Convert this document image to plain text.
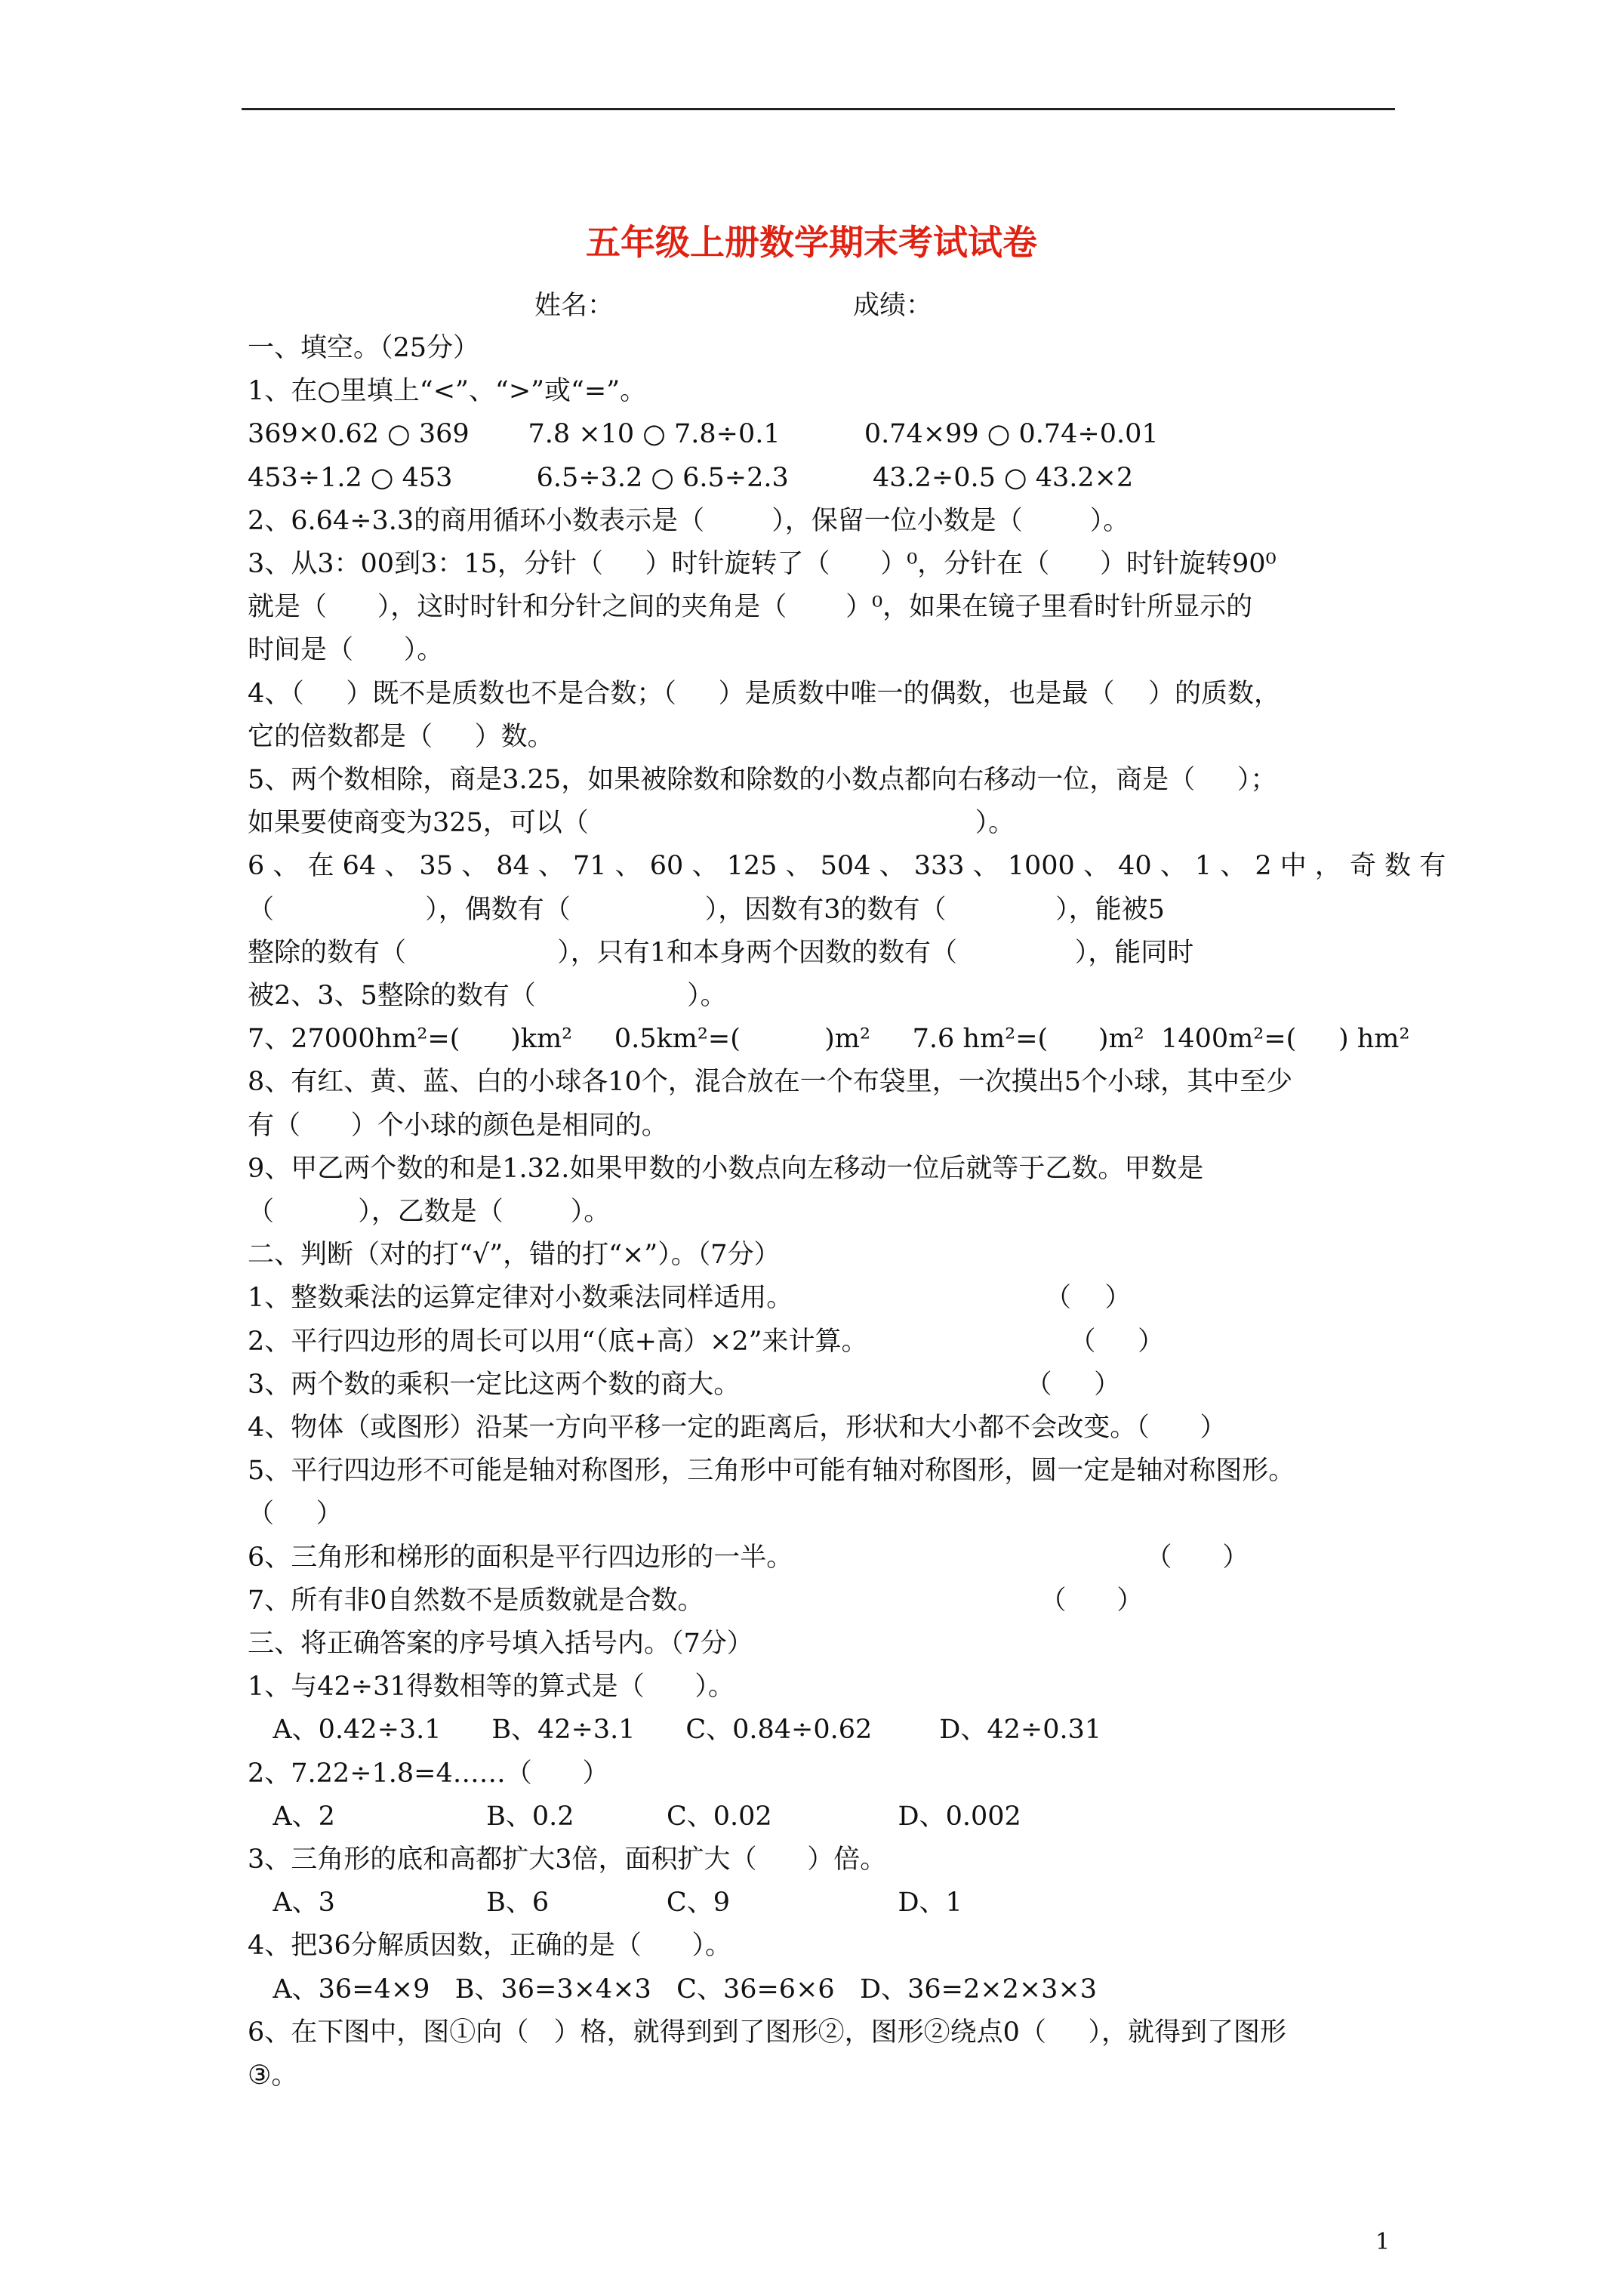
五年级上册数学期末考试试卷
姓名：	成绩：
一、填空。（25分）
1、在○里填上“<”、“>”或“=”。
369×0.62 ○ 369       7.8 ×10 ○ 7.8÷0.1          0.74×99 ○ 0.74÷0.01
453÷1.2 ○ 453          6.5÷3.2 ○ 6.5÷2.3          43.2÷0.5 ○ 43.2×2
2、6.64÷3.3的商用循环小数表示是（        ），保留一位小数是（        ）。
3、从3：00到3：15，分针（     ）时针旋转了（      ）⁰，分针在（      ）时针旋转90⁰
就是（      ），这时时针和分针之间的夹角是（       ）⁰，如果在镜子里看时针所显示的
时间是（      ）。
4、（     ）既不是质数也不是合数；（     ）是质数中唯一的偶数，也是最（    ）的质数，
它的倍数都是（     ）数。
5、两个数相除，商是3.25，如果被除数和除数的小数点都向右移动一位，商是（     ）；
如果要使商变为325，可以（                                              ）。
6 、 在 64 、 35 、 84 、 71 、 60 、 125 、 504 、 333 、 1000 、 40 、 1 、 2 中 ， 奇 数 有
（                  ），偶数有（                ），因数有3的数有（             ），能被5
整除的数有（                  ），只有1和本身两个因数的数有（              ），能同时
被2、3、5整除的数有（                  ）。
7、27000hm²=(      )km²     0.5km²=(          )m²     7.6 hm²=(      )m²  1400m²=(     ) hm²
8、有红、黄、蓝、白的小球各10个，混合放在一个布袋里，一次摸出5个小球，其中至少
有（      ）个小球的颜色是相同的。
9、甲乙两个数的和是1.32.如果甲数的小数点向左移动一位后就等于乙数。甲数是
（          ），乙数是（        ）。
二、判断（对的打“√”，错的打“×”）。（7分）
1、整数乘法的运算定律对小数乘法同样适用。                              （    ）
2、平行四边形的周长可以用“（底+高）×2”来计算。                        （     ）
3、两个数的乘积一定比这两个数的商大。                                  （     ）
4、物体（或图形）沿某一方向平移一定的距离后，形状和大小都不会改变。（      ）
5、平行四边形不可能是轴对称图形，三角形中可能有轴对称图形，圆一定是轴对称图形。
（     ）
6、三角形和梯形的面积是平行四边形的一半。                                          （      ）
7、所有非0自然数不是质数就是合数。                                        （      ）
三、将正确答案的序号填入括号内。（7分）
1、与42÷31得数相等的算式是（      ）。
A、0.42÷3.1      B、42÷3.1      C、0.84÷0.62        D、42÷0.31
2、7.22÷1.8=4……（      ）
A、2                  B、0.2           C、0.02               D、0.002
3、三角形的底和高都扩大3倍，面积扩大（      ）倍。
A、3                  B、6              C、9                    D、1
4、把36分解质因数，正确的是（      ）。
A、36=4×9   B、36=3×4×3   C、36=6×6   D、36=2×2×3×3
6、在下图中，图①向（   ）格，就得到到了图形②，图形②绕点0（     ），就得到了图形
③。
1
